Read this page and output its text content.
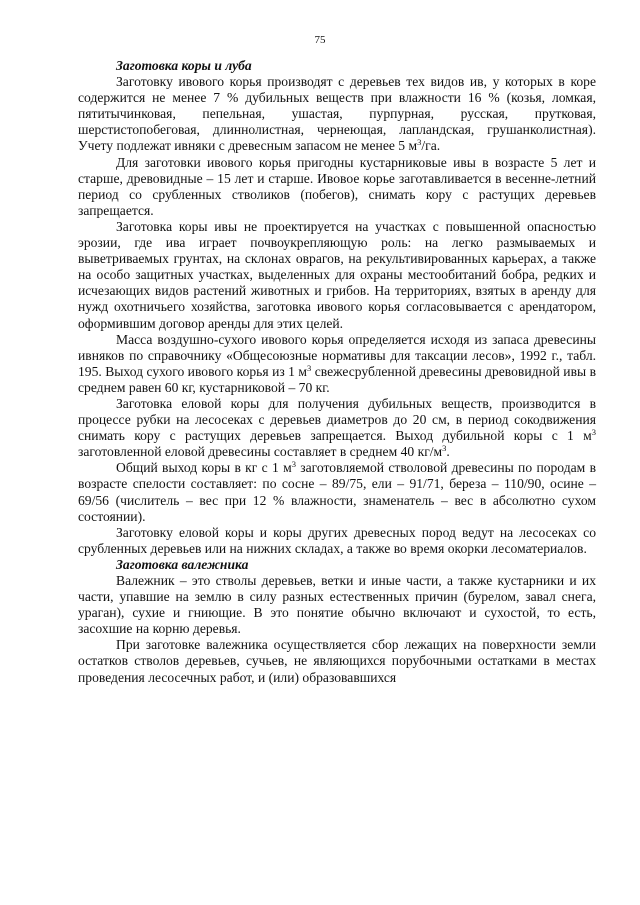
75
Заготовка коры и луба

Заготовку ивового корья производят с деревьев тех видов ив, у которых в коре содержится не менее 7 % дубильных веществ при влажности 16 % (козья, ломкая, пятитычинковая, пепельная, ушастая, пурпурная, русская, прутковая, шерстистопобеговая, длиннолистная, чернеющая, лапландская, грушанколистная). Учету подлежат ивняки с древесным запасом не менее 5 $м^3/га$.

Для заготовки ивового корья пригодны кустарниковые ивы в возрасте 5 лет и старше, древовидные – 15 лет и старше. Ивовое корье заготавливается в весенне-летний период со срубленных стволиков (побегов), снимать кору с растущих деревьев запрещается.

Заготовка коры ивы не проектируется на участках с повышенной опасностью эрозии, где ива играет почвоукрепляющую роль: на легко размываемых и выветриваемых грунтах, на склонах оврагов, на рекультивированных карьерах, а также на особо защитных участках, выделенных для охраны местообитаний бобра, редких и исчезающих видов растений животных и грибов. На территориях, взятых в аренду для нужд охотничьего хозяйства, заготовка ивового корья согласовывается с арендатором, оформившим договор аренды для этих целей.

Масса воздушно-сухого ивового корья определяется исходя из запаса древесины ивняков по справочнику «Общесоюзные нормативы для таксации лесов», 1992 г., табл. 195. Выход сухого ивового корья из 1 $м^3$ свежесрубленной древесины древовидной ивы в среднем равен 60 кг, кустарниковой – 70 кг.

Заготовка еловой коры для получения дубильных веществ, производится в процессе рубки на лесосеках с деревьев диаметров до 20 см, в период сокодвижения снимать кору с растущих деревьев запрещается. Выход дубильной коры с 1 $м^3$ заготовленной еловой древесины составляет в среднем 40 $кг/м^3$.

Общий выход коры в кг с 1 $м^3$ заготовляемой стволовой древесины по породам в возрасте спелости составляет: по сосне – 89/75, ели – 91/71, береза – 110/90, осине – 69/56 (числитель – вес при 12 % влажности, знаменатель – вес в абсолютно сухом состоянии).

Заготовку еловой коры и коры других древесных пород ведут на лесосеках со срубленных деревьев или на нижних складах, а также во время окорки лесоматериалов.

Заготовка валежника

Валежник – это стволы деревьев, ветки и иные части, а также кустарники и их части, упавшие на землю в силу разных естественных причин (бурелом, завал снега, ураган), сухие и гниющие. В это понятие обычно включают и сухостой, то есть, засохшие на корню деревья.

При заготовке валежника осуществляется сбор лежащих на поверхности земли остатков стволов деревьев, сучьев, не являющихся порубочными остатками в местах проведения лесосечных работ, и (или) образовавшихся
